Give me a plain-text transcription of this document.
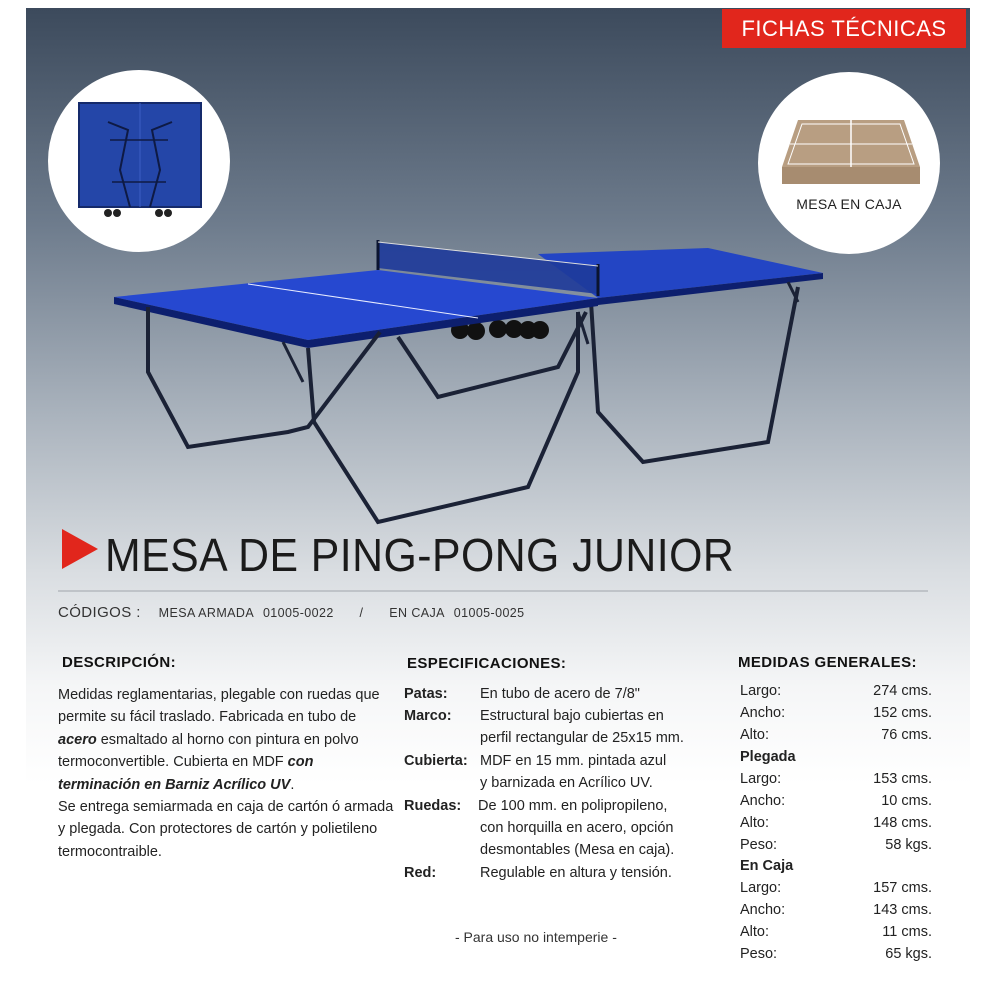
FICHAS TÉCNICAS
MESA EN CAJA
MESA DE PING-PONG JUNIOR
CÓDIGOS : MESA ARMADA 01005-0022 / EN CAJA 01005-0025
DESCRIPCIÓN:
Medidas reglamentarias, plegable con ruedas que permite su fácil traslado. Fabricada en tubo de acero esmaltado al horno con pintura en polvo termoconvertible. Cubierta en MDF con terminación en Barniz Acrílico UV.
Se entrega semiarmada en caja de cartón ó armada y plegada. Con protectores de cartón y polietileno termocontraible.
ESPECIFICACIONES:
Patas: En tubo de acero de 7/8"
Marco: Estructural bajo cubiertas en
perfil rectangular de 25x15 mm.
Cubierta: MDF en 15 mm. pintada azul
y barnizada en Acrílico UV.
Ruedas: De 100 mm. en polipropileno,
con horquilla en acero, opción
desmontables (Mesa en caja).
Red:	Regulable en altura y tensión.
MEDIDAS GENERALES:
Largo:	274 cms.
Ancho:	152 cms.
Alto:	76 cms.
Plegada
Largo:	153 cms.
Ancho:	10 cms.
Alto:	148 cms.
Peso:	58 kgs.
En Caja
Largo:	157 cms.
Ancho:	143 cms.
Alto:	11 cms.
Peso:	65 kgs.
- Para uso no intemperie -
